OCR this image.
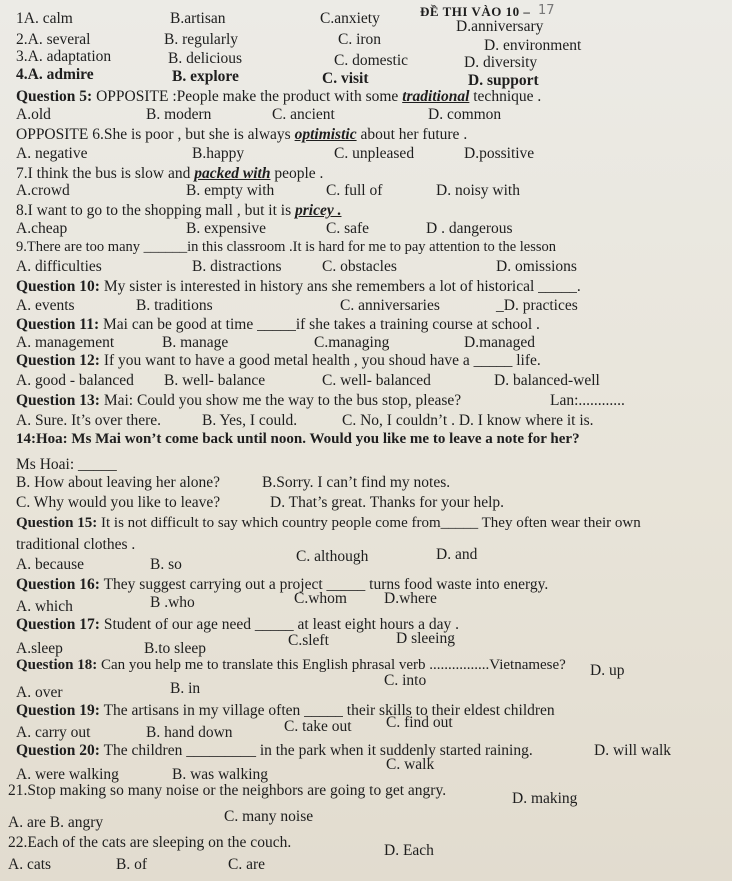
ĐỀ THI VÀO 10 – 17
1A. calm	B.artisan	C.anxiety	D.anniversary
2.A. several	B. regularly	C. iron	D. environment
3.A. adaptation	B. delicious	C. domestic	D. diversity
4.A. admire	B. explore	C. visit	D. support
Question 5: OPPOSITE :People make the product with some traditional technique .
A.old	B. modern	C. ancient	D. common
OPPOSITE 6.She is poor , but she is always optimistic about her future .
A. negative	B.happy	C. unpleased	D.possitive
7.I think the bus is slow and packed with people .
A.crowd	B. empty with	C. full of	D. noisy with
8.I want to go to the shopping mall , but it is pricey .
A.cheap	B. expensive	C. safe	D . dangerous
9.There are too many ______in this classroom .It is hard for me to pay attention to the lesson
A. difficulties	B. distractions	C. obstacles	D. omissions
Question 10: My sister is interested in history ans she remembers a lot of historical _____.
A. events	B. traditions	C. anniversaries	_D. practices
Question 11: Mai can be good at time _____if she takes a training course at school .
A. management	B. manage	C.managing	D.managed
Question 12: If you want to have a good metal health , you shoud have a _____ life.
A. good - balanced B. well- balance	C. well- balanced	D. balanced-well
Question 13: Mai: Could you show me the way to the bus stop, please?	Lan:............
A. Sure. It’s over there.	B. Yes, I could.	C. No, I couldn’t . D. I know where it is.
14:Hoa: Ms Mai won’t come back until noon. Would you like me to leave a note for her?
Ms Hoai: _____
B. How about leaving her alone?	B.Sorry. I can’t find my notes.
C. Why would you like to leave?	D. That’s great. Thanks for your help.
Question 15: It is not difficult to say which country people come from_____ They often wear their own
traditional clothes .
A. because	B. so	C. although	D. and
Question 16: They suggest carrying out a project _____ turns food waste into energy.
A. which	B .who	C.whom D.where
Question 17: Student of our age need _____ at least eight hours a day .
A.sleep	B.to sleep	C.sleft	D sleeing
Question 18: Can you help me to translate this English phrasal verb ................Vietnamese?
A. over	B. in	C. into
D. up
Question 19: The artisans in my village often _____ their skills to their eldest children
A. carry out	B. hand down	C. take out C. find out
Question 20: The children _________ in the park when it suddenly started raining.
A. were walking	B. was walking
C. walk
D. will walk
21.Stop making so many noise or the neighbors are going to get angry.
A. are B. angry	C. many noise
D. making
22.Each of the cats are sleeping on the couch.
A. cats	B. of	C. are
D. Each
